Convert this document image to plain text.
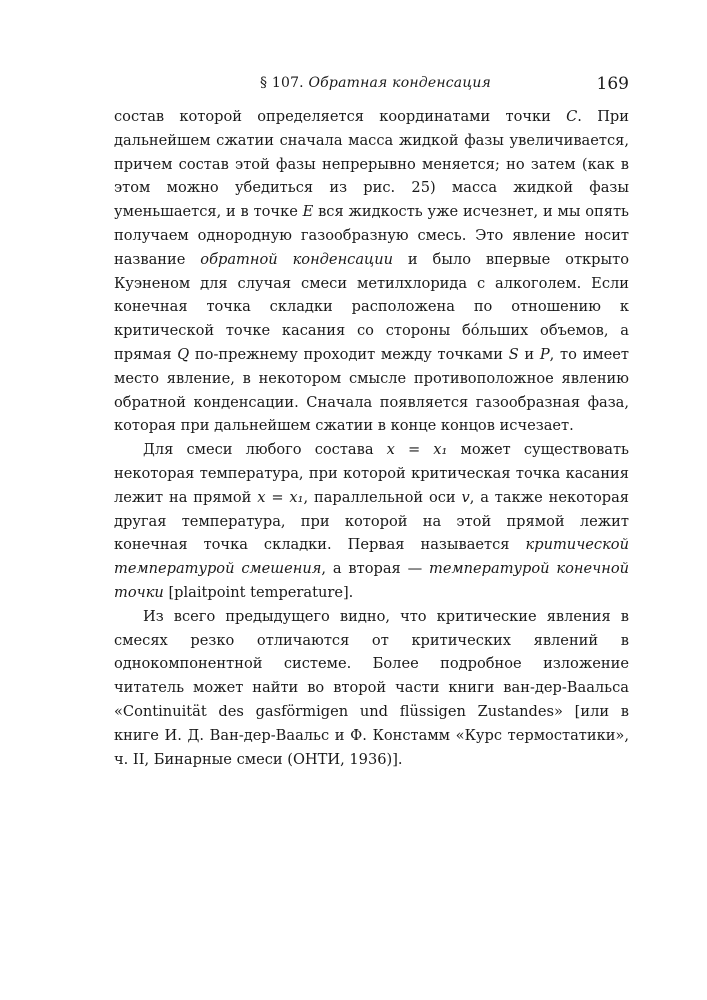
§ 107. Обратная конденсация	169

состав которой определяется координатами точки C. При дальнейшем сжатии сначала масса жидкой фазы увеличивается, причем состав этой фазы непрерывно меняется; но затем (как в этом можно убедиться из рис. 25) масса жидкой фазы уменьшается, и в точке E вся жидкость уже исчезнет, и мы опять получаем однородную газообразную смесь. Это явление носит название обратной конденсации и было впервые открыто Куэненом для случая смеси метилхлорида с алкоголем. Если конечная точка складки расположена по отношению к критической точке касания со стороны бóльших объемов, а прямая Q по-прежнему проходит между точками S и P, то имеет место явление, в некотором смысле противоположное явлению обратной конденсации. Сначала появляется газообразная фаза, которая при дальнейшем сжатии в конце концов исчезает.

Для смеси любого состава x = x₁ может существовать некоторая температура, при которой критическая точка касания лежит на прямой x = x₁, параллельной оси v, а также некоторая другая температура, при которой на этой прямой лежит конечная точка складки. Первая называется критической температурой смешения, а вторая — температурой конечной точки [plaitpoint temperature].

Из всего предыдущего видно, что критические явления в смесях резко отличаются от критических явлений в однокомпонентной системе. Более подробное изложение читатель может найти во второй части книги ван-дер-Ваальса «Continuität des gasförmigen und flüssigen Zustandes» [или в книге И. Д. Ван-дер-Ваальс и Ф. Констамм «Курс термостатики», ч. II, Бинарные смеси (ОНТИ, 1936)].
